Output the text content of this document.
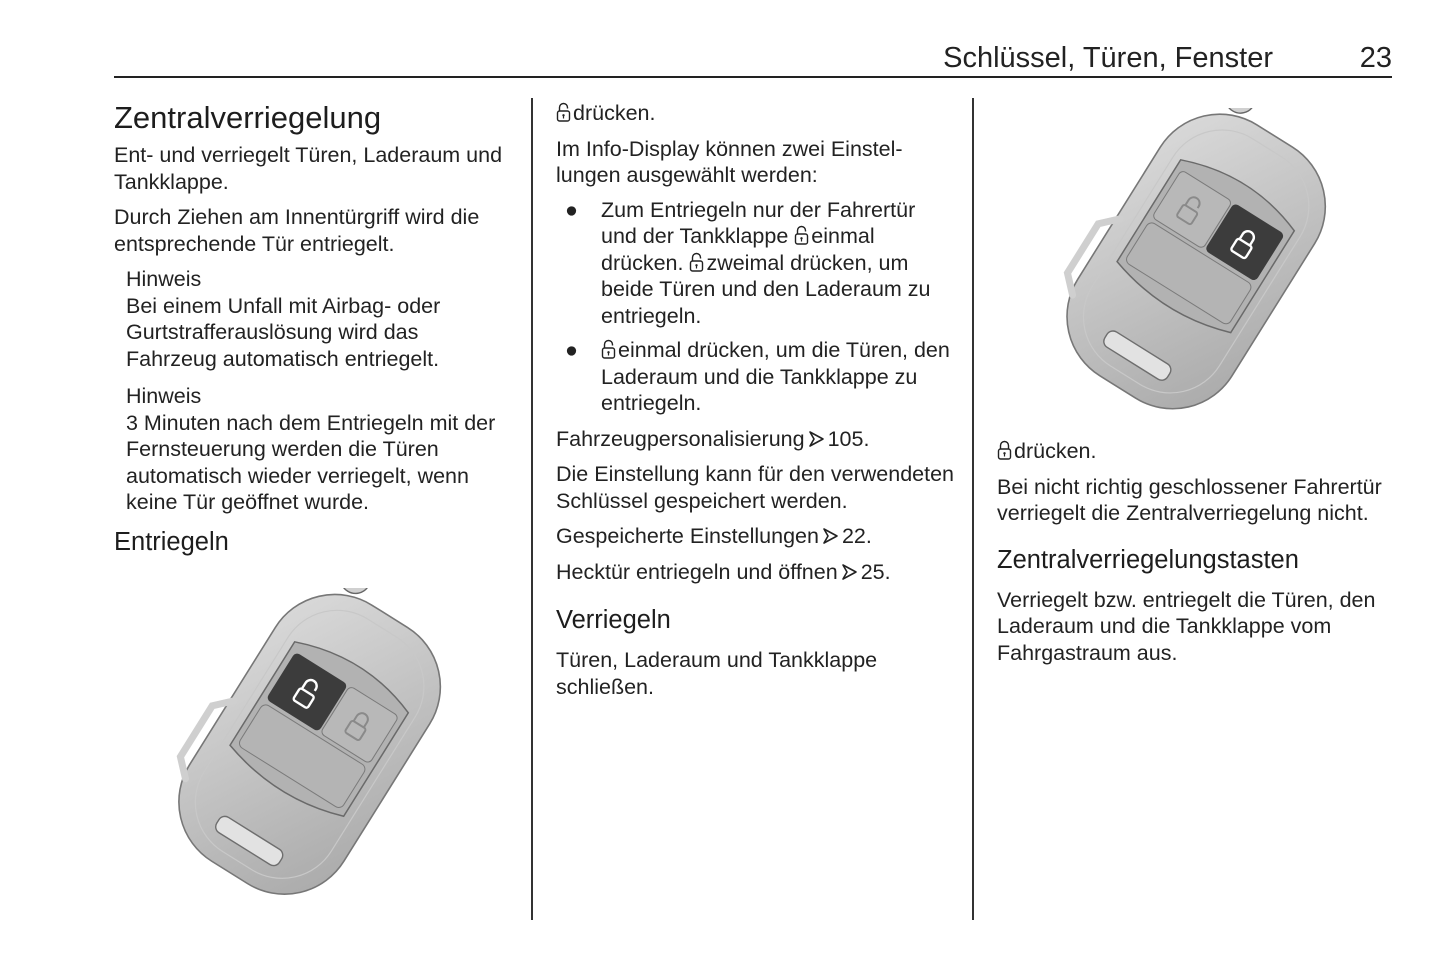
Schlüssel, Türen, Fenster	23
Zentralverriegelung

Ent- und verriegelt Türen, Laderaum und Tankklappe.

Durch Ziehen am Innentürgriff wird die entsprechende Tür entriegelt.

Hinweis

Bei einem Unfall mit Airbag- oder Gurtstrafferauslösung wird das Fahrzeug automatisch entriegelt.

Hinweis

3 Minuten nach dem Entriegeln mit der Fernsteuerung werden die Türen automatisch wieder verriegelt, wenn keine Tür geöffnet wurde.

Entriegeln

drücken.

Im Info-Display können zwei Einstellungen ausgewählt werden:

● Zum Entriegeln nur der Fahrertür und der Tankklappe einmal drücken. zweimal drücken, um beide Türen und den Laderaum zu entriegeln.
● einmal drücken, um die Türen, den Laderaum und die Tankklappe zu entriegeln.

Fahrzeugpersonalisierung 105.

Die Einstellung kann für den verwendeten Schlüssel gespeichert werden.

Gespeicherte Einstellungen 22.

Hecktür entriegeln und öffnen 25.

Verriegeln

Türen, Laderaum und Tankklappe schließen.

drücken.

Bei nicht richtig geschlossener Fahrertür verriegelt die Zentralverriegelung nicht.

Zentralverriegelungstasten

Verriegelt bzw. entriegelt die Türen, den Laderaum und die Tankklappe vom Fahrgastraum aus.
